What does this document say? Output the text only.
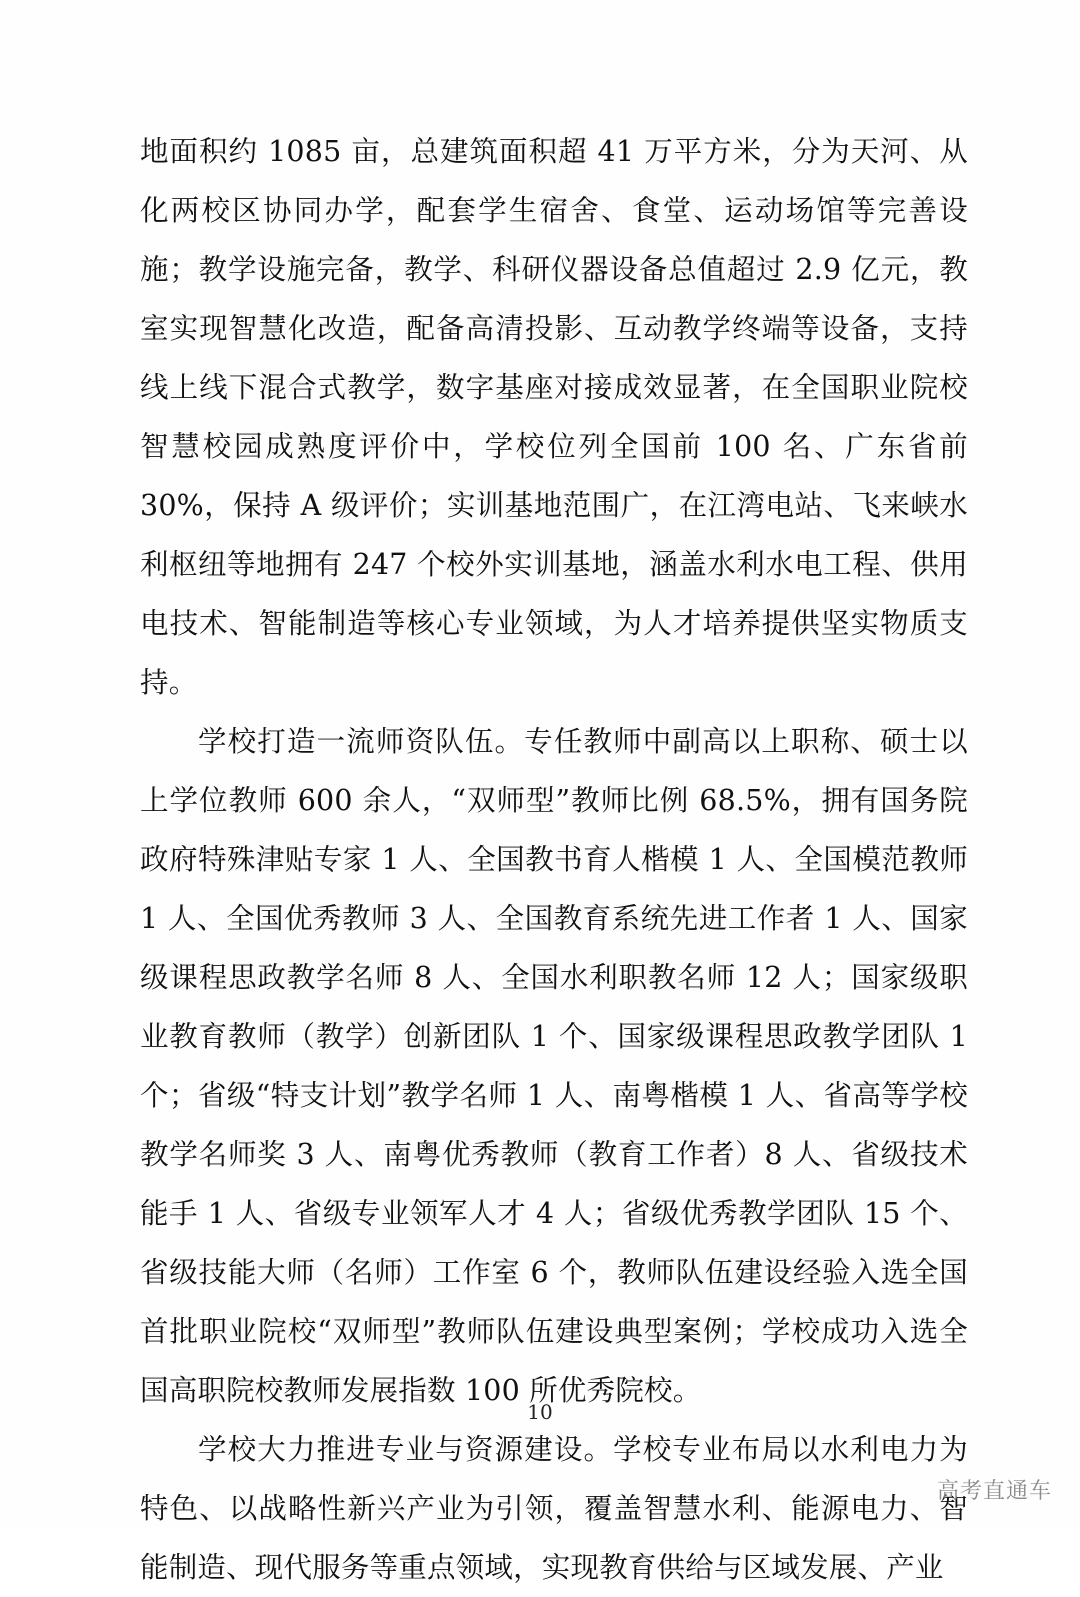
地面积约 1085 亩，总建筑面积超 41 万平方米，分为天河、从化两校区协同办学，配套学生宿舍、食堂、运动场馆等完善设施；教学设施完备，教学、科研仪器设备总值超过 2.9 亿元，教室实现智慧化改造，配备高清投影、互动教学终端等设备，支持线上线下混合式教学，数字基座对接成效显著，在全国职业院校智慧校园成熟度评价中，学校位列全国前 100 名、广东省前 30%，保持 A 级评价；实训基地范围广，在江湾电站、飞来峡水利枢纽等地拥有 247 个校外实训基地，涵盖水利水电工程、供用电技术、智能制造等核心专业领域，为人才培养提供坚实物质支持。

学校打造一流师资队伍。专任教师中副高以上职称、硕士以上学位教师 600 余人，“双师型”教师比例 68.5%，拥有国务院政府特殊津贴专家 1 人、全国教书育人楷模 1 人、全国模范教师 1 人、全国优秀教师 3 人、全国教育系统先进工作者 1 人、国家级课程思政教学名师 8 人、全国水利职教名师 12 人；国家级职业教育教师（教学）创新团队 1 个、国家级课程思政教学团队 1 个；省级“特支计划”教学名师 1 人、南粤楷模 1 人、省高等学校教学名师奖 3 人、南粤优秀教师（教育工作者）8 人、省级技术能手 1 人、省级专业领军人才 4 人；省级优秀教学团队 15 个、省级技能大师（名师）工作室 6 个，教师队伍建设经验入选全国首批职业院校“双师型”教师队伍建设典型案例；学校成功入选全国高职院校教师发展指数 100 所优秀院校。

学校大力推进专业与资源建设。学校专业布局以水利电力为特色、以战略性新兴产业为引领，覆盖智慧水利、能源电力、智能制造、现代服务等重点领域，实现教育供给与区域发展、产业

10
高考直通车
